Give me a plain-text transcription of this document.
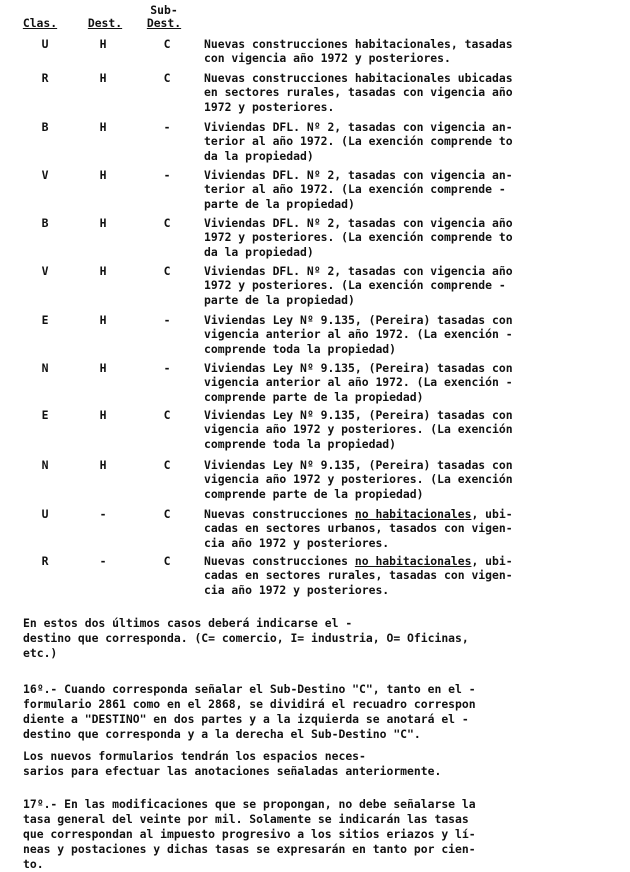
Clas.	Dest.
Sub-
Dest.
U	H	C	Nuevas construcciones habitacionales, tasadas
con vigencia año 1972 y posteriores.
R	H	C	Nuevas construcciones habitacionales ubicadas
en sectores rurales, tasadas con vigencia año
1972 y posteriores.
B	H	-	Viviendas DFL. Nº 2, tasadas con vigencia an-
terior al año 1972. (La exención comprende to
da la propiedad)
V	H	-	Viviendas DFL. Nº 2, tasadas con vigencia an-
terior al año 1972. (La exención comprende -
parte de la propiedad)
B	H	C	Viviendas DFL. Nº 2, tasadas con vigencia año
1972 y posteriores. (La exención comprende to
da la propiedad)
V	H	C	Viviendas DFL. Nº 2, tasadas con vigencia año
1972 y posteriores. (La exención comprende -
parte de la propiedad)
E	H	-	Viviendas Ley Nº 9.135, (Pereira) tasadas con
vigencia anterior al año 1972. (La exención -
comprende toda la propiedad)
N	H	-	Viviendas Ley Nº 9.135, (Pereira) tasadas con
vigencia anterior al año 1972. (La exención -
comprende parte de la propiedad)
E	H	C	Viviendas Ley Nº 9.135, (Pereira) tasadas con
vigencia año 1972 y posteriores. (La exención
comprende toda la propiedad)
N	H	C	Viviendas Ley Nº 9.135, (Pereira) tasadas con
vigencia año 1972 y posteriores. (La exención
comprende parte de la propiedad)
U	-	C	Nuevas construcciones no habitacionales, ubi-
cadas en sectores urbanos, tasados con vigen-
cia año 1972 y posteriores.
R	-	C	Nuevas construcciones no habitacionales, ubi-
cadas en sectores rurales, tasadas con vigen-
cia año 1972 y posteriores.
En estos dos últimos casos deberá indicarse el -
destino que corresponda. (C= comercio, I= industria, O= Oficinas,
etc.)
16º.- Cuando corresponda señalar el Sub-Destino "C", tanto en el -
formulario 2861 como en el 2868, se dividirá el recuadro correspon
diente a "DESTINO" en dos partes y a la izquierda se anotará el -
destino que corresponda y a la derecha el Sub-Destino "C".
Los nuevos formularios tendrán los espacios neces-
sarios para efectuar las anotaciones señaladas anteriormente.
17º.- En las modificaciones que se propongan, no debe señalarse la
tasa general del veinte por mil. Solamente se indicarán las tasas
que correspondan al impuesto progresivo a los sitios eriazos y lí-
neas y postaciones y dichas tasas se expresarán en tanto por cien-
to.
